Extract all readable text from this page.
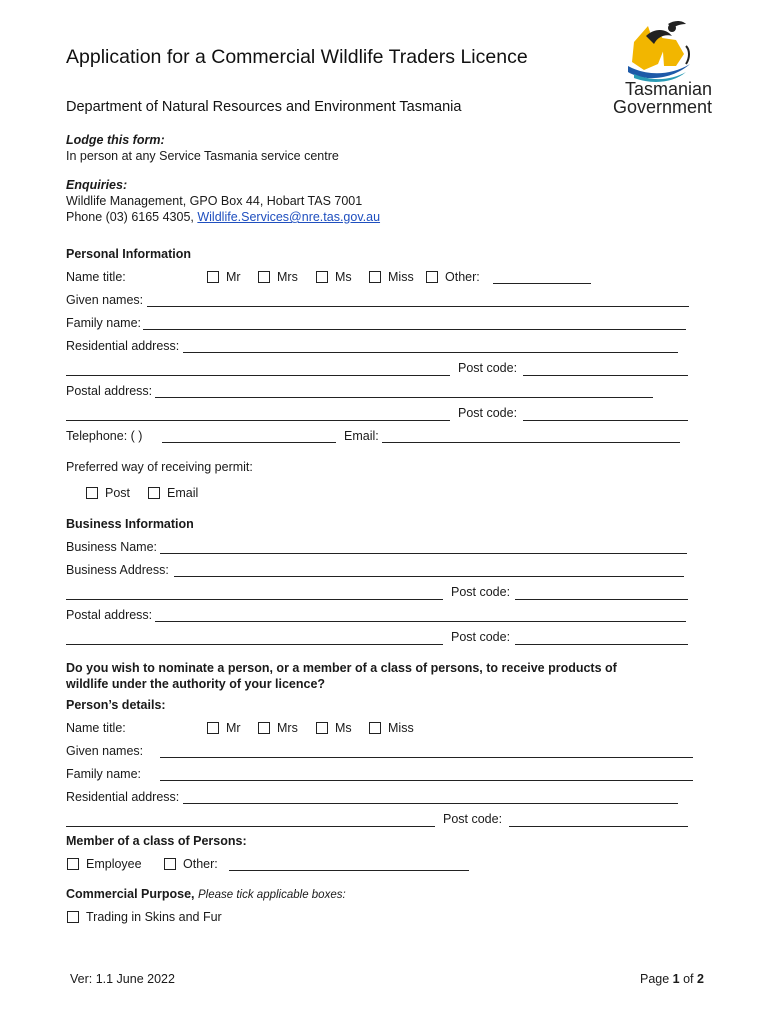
Application for a Commercial Wildlife Traders Licence
Department of Natural Resources and Environment Tasmania
Tasmanian
Government
Lodge this form:
In person at any Service Tasmania service centre
Enquiries:
Wildlife Management, GPO Box 44, Hobart TAS 7001
Phone (03) 6165 4305, Wildlife.Services@nre.tas.gov.au
Personal Information
Name title:	Mr	Mrs	Ms	Miss	Other:
Given names:
Family name:
Residential address:
Post code:
Postal address:
Post code:
Telephone: ( )	Email:
Preferred way of receiving permit:
Post	Email
Business Information
Business Name:
Business Address:
Post code:
Postal address:
Post code:
Do you wish to nominate a person, or a member of a class of persons, to receive products of
wildlife under the authority of your licence?
Person’s details:
Name title:	Mr	Mrs	Ms	Miss
Given names:
Family name:
Residential address:
Post code:
Member of a class of Persons:
Employee	Other:
Commercial Purpose, Please tick applicable boxes:
Trading in Skins and Fur
Ver: 1.1 June 2022	Page 1 of 2
